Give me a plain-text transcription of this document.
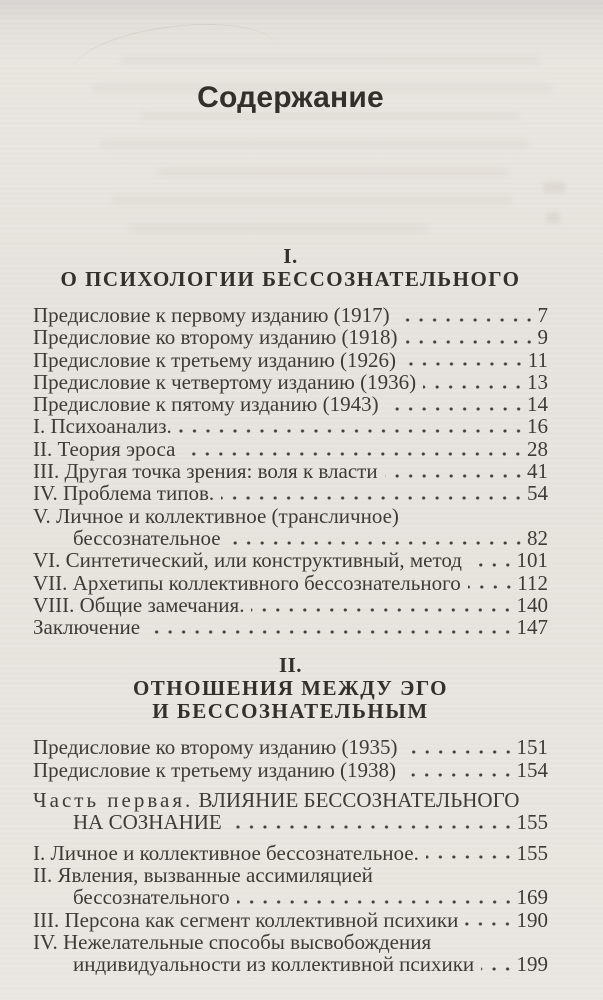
Содержание
I.
О ПСИХОЛОГИИ БЕССОЗНАТЕЛЬНОГО
Предисловие к первому изданию (1917)	7
Предисловие ко второму изданию (1918)	9
Предисловие к третьему изданию (1926)	11
Предисловие к четвертому изданию (1936)	13
Предисловие к пятому изданию (1943)	14
I. Психоанализ.	16
II. Теория эроса	28
III. Другая точка зрения: воля к власти	41
IV. Проблема типов.	54
V. Личное и коллективное (трансличное)
бессознательное	82
VI. Синтетический, или конструктивный, метод	101
VII. Архетипы коллективного бессознательного	112
VIII. Общие замечания.	140
Заключение	147
II.
ОТНОШЕНИЯ МЕЖДУ ЭГО
И БЕССОЗНАТЕЛЬНЫМ
Предисловие ко второму изданию (1935)	151
Предисловие к третьему изданию (1938)	154
Часть первая. ВЛИЯНИЕ БЕССОЗНАТЕЛЬНОГО
НА СОЗНАНИЕ	155
I. Личное и коллективное бессознательное.	155
II. Явления, вызванные ассимиляцией
бессознательного	169
III. Персона как сегмент коллективной психики	190
IV. Нежелательные способы высвобождения
индивидуальности из коллективной психики 199
